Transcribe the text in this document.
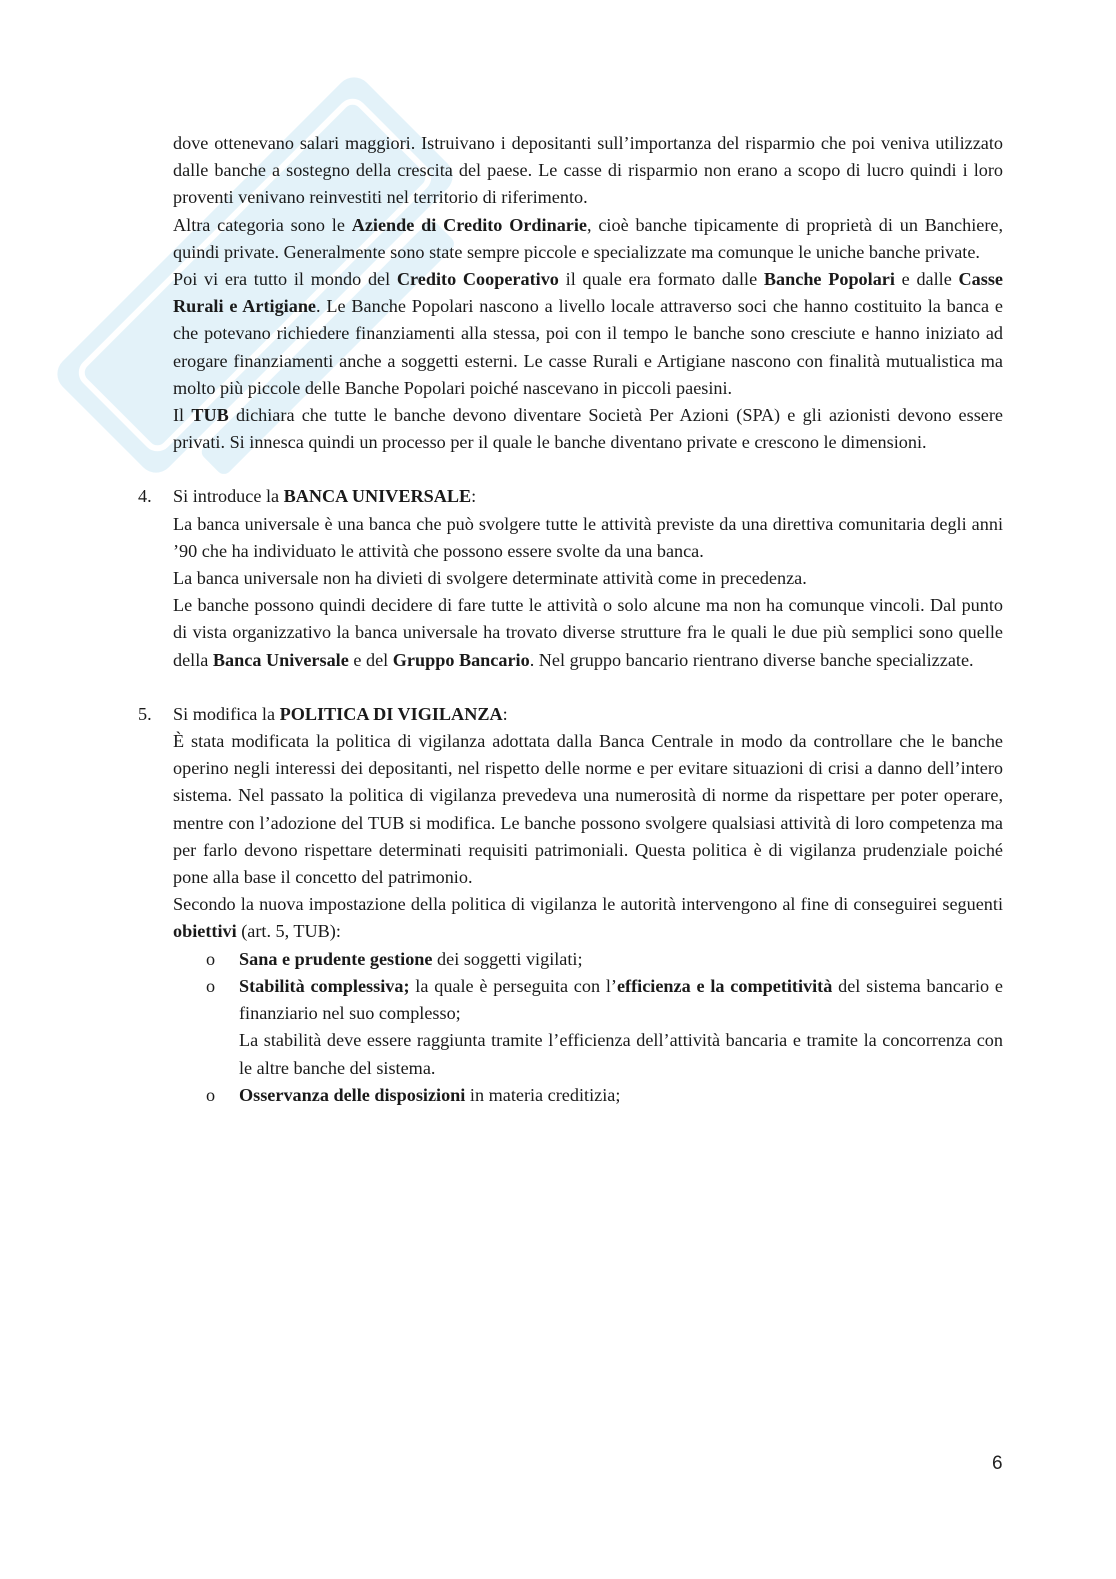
dove ottenevano salari maggiori. Istruivano i depositanti sull’importanza del risparmio che poi veniva utilizzato dalle banche a sostegno della crescita del paese. Le casse di risparmio non erano a scopo di lucro quindi i loro proventi venivano reinvestiti nel territorio di riferimento.

Altra categoria sono le Aziende di Credito Ordinarie, cioè banche tipicamente di proprietà di un Banchiere, quindi private. Generalmente sono state sempre piccole e specializzate ma comunque le uniche banche private.

Poi vi era tutto il mondo del Credito Cooperativo il quale era formato dalle Banche Popolari e dalle Casse Rurali e Artigiane. Le Banche Popolari nascono a livello locale attraverso soci che hanno costituito la banca e che potevano richiedere finanziamenti alla stessa, poi con il tempo le banche sono cresciute e hanno iniziato ad erogare finanziamenti anche a soggetti esterni. Le casse Rurali e Artigiane nascono con finalità mutualistica ma molto più piccole delle Banche Popolari poiché nascevano in piccoli paesini.

Il TUB dichiara che tutte le banche devono diventare Società Per Azioni (SPA) e gli azionisti devono essere privati. Si innesca quindi un processo per il quale le banche diventano private e crescono le dimensioni.

4. Si introduce la BANCA UNIVERSALE:

La banca universale è una banca che può svolgere tutte le attività previste da una direttiva comunitaria degli anni ’90 che ha individuato le attività che possono essere svolte da una banca.

La banca universale non ha divieti di svolgere determinate attività come in precedenza.

Le banche possono quindi decidere di fare tutte le attività o solo alcune ma non ha comunque vincoli. Dal punto di vista organizzativo la banca universale ha trovato diverse strutture fra le quali le due più semplici sono quelle della Banca Universale e del Gruppo Bancario. Nel gruppo bancario rientrano diverse banche specializzate.

5. Si modifica la POLITICA DI VIGILANZA:

È stata modificata la politica di vigilanza adottata dalla Banca Centrale in modo da controllare che le banche operino negli interessi dei depositanti, nel rispetto delle norme e per evitare situazioni di crisi a danno dell’intero sistema. Nel passato la politica di vigilanza prevedeva una numerosità di norme da rispettare per poter operare, mentre con l’adozione del TUB si modifica. Le banche possono svolgere qualsiasi attività di loro competenza ma per farlo devono rispettare determinati requisiti patrimoniali. Questa politica è di vigilanza prudenziale poiché pone alla base il concetto del patrimonio.

Secondo la nuova impostazione della politica di vigilanza le autorità intervengono al fine di conseguirei seguenti obiettivi (art. 5, TUB):

o Sana e prudente gestione dei soggetti vigilati;
o Stabilità complessiva; la quale è perseguita con l’efficienza e la competitività del sistema bancario e finanziario nel suo complesso;
La stabilità deve essere raggiunta tramite l’efficienza dell’attività bancaria e tramite la concorrenza con le altre banche del sistema.
o Osservanza delle disposizioni in materia creditizia;
6
